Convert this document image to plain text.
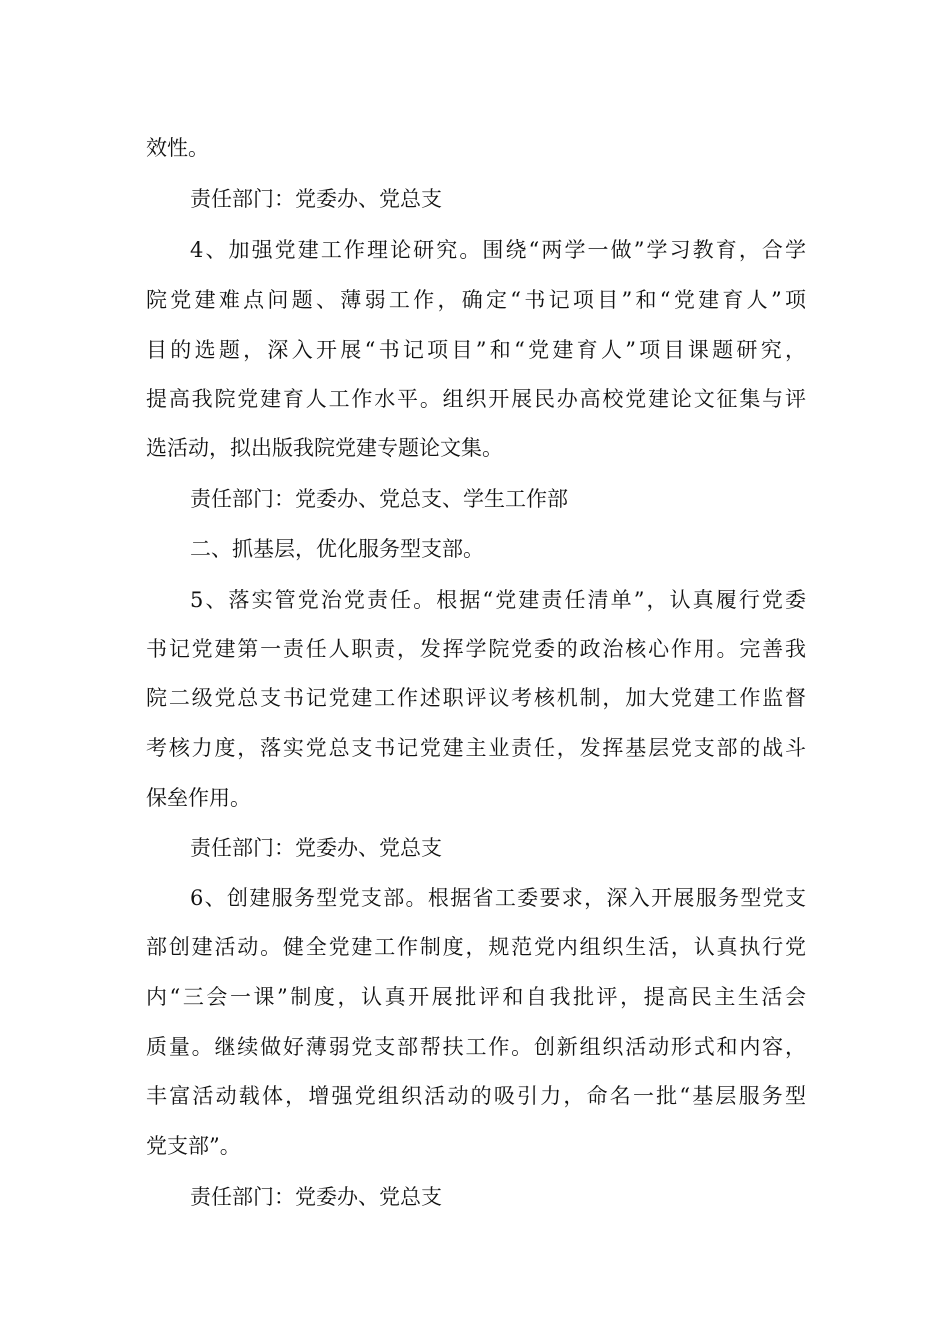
效性。
责任部门：党委办、党总支
4、加强党建工作理论研究。围绕“两学一做”学习教育，合学
院党建难点问题、薄弱工作，确定“书记项目”和“党建育人”项
目的选题，深入开展“书记项目”和“党建育人”项目课题研究，
提高我院党建育人工作水平。组织开展民办高校党建论文征集与评
选活动，拟出版我院党建专题论文集。
责任部门：党委办、党总支、学生工作部
二、抓基层，优化服务型支部。
5、落实管党治党责任。根据“党建责任清单”，认真履行党委
书记党建第一责任人职责，发挥学院党委的政治核心作用。完善我
院二级党总支书记党建工作述职评议考核机制，加大党建工作监督
考核力度，落实党总支书记党建主业责任，发挥基层党支部的战斗
保垒作用。
责任部门：党委办、党总支
6、创建服务型党支部。根据省工委要求，深入开展服务型党支
部创建活动。健全党建工作制度，规范党内组织生活，认真执行党
内“三会一课”制度，认真开展批评和自我批评，提高民主生活会
质量。继续做好薄弱党支部帮扶工作。创新组织活动形式和内容，
丰富活动载体，增强党组织活动的吸引力，命名一批“基层服务型
党支部”。
责任部门：党委办、党总支
